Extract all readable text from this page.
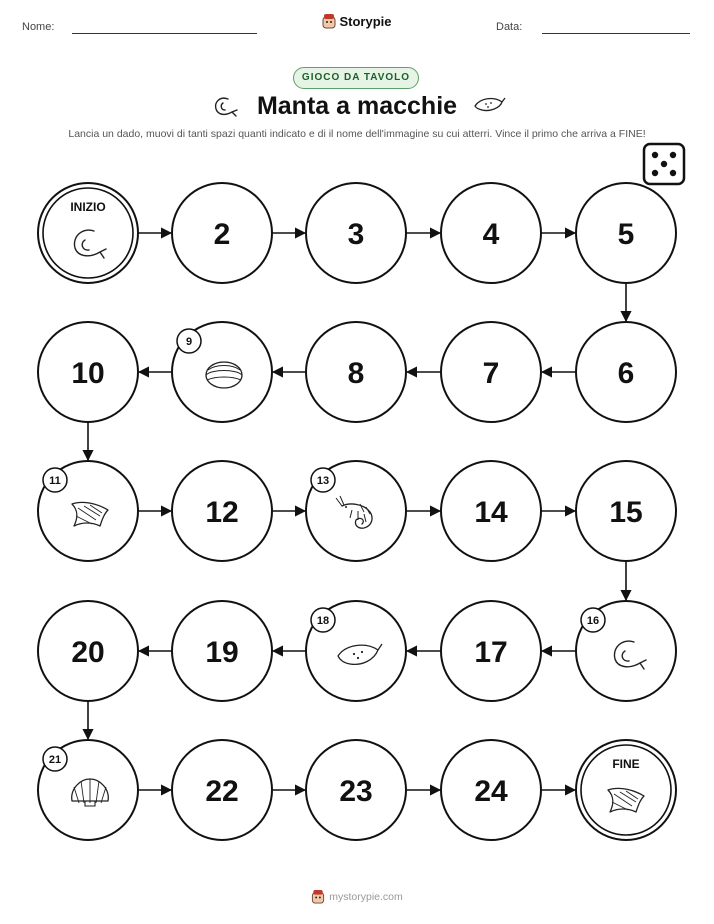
Nome:	Data:
Storypie
GIOCO DA TAVOLO
Manta a macchie
Lancia un dado, muovi di tanti spazi quanti indicato e di il nome dell'immagine su cui atterri. Vince il primo che arriva a FINE!
INIZIO
2	3	4	5
10
9
8	7	6
11
12
13
14	15
20	19
18
17
16
21
22	23	24
FINE
mystorypie.com
